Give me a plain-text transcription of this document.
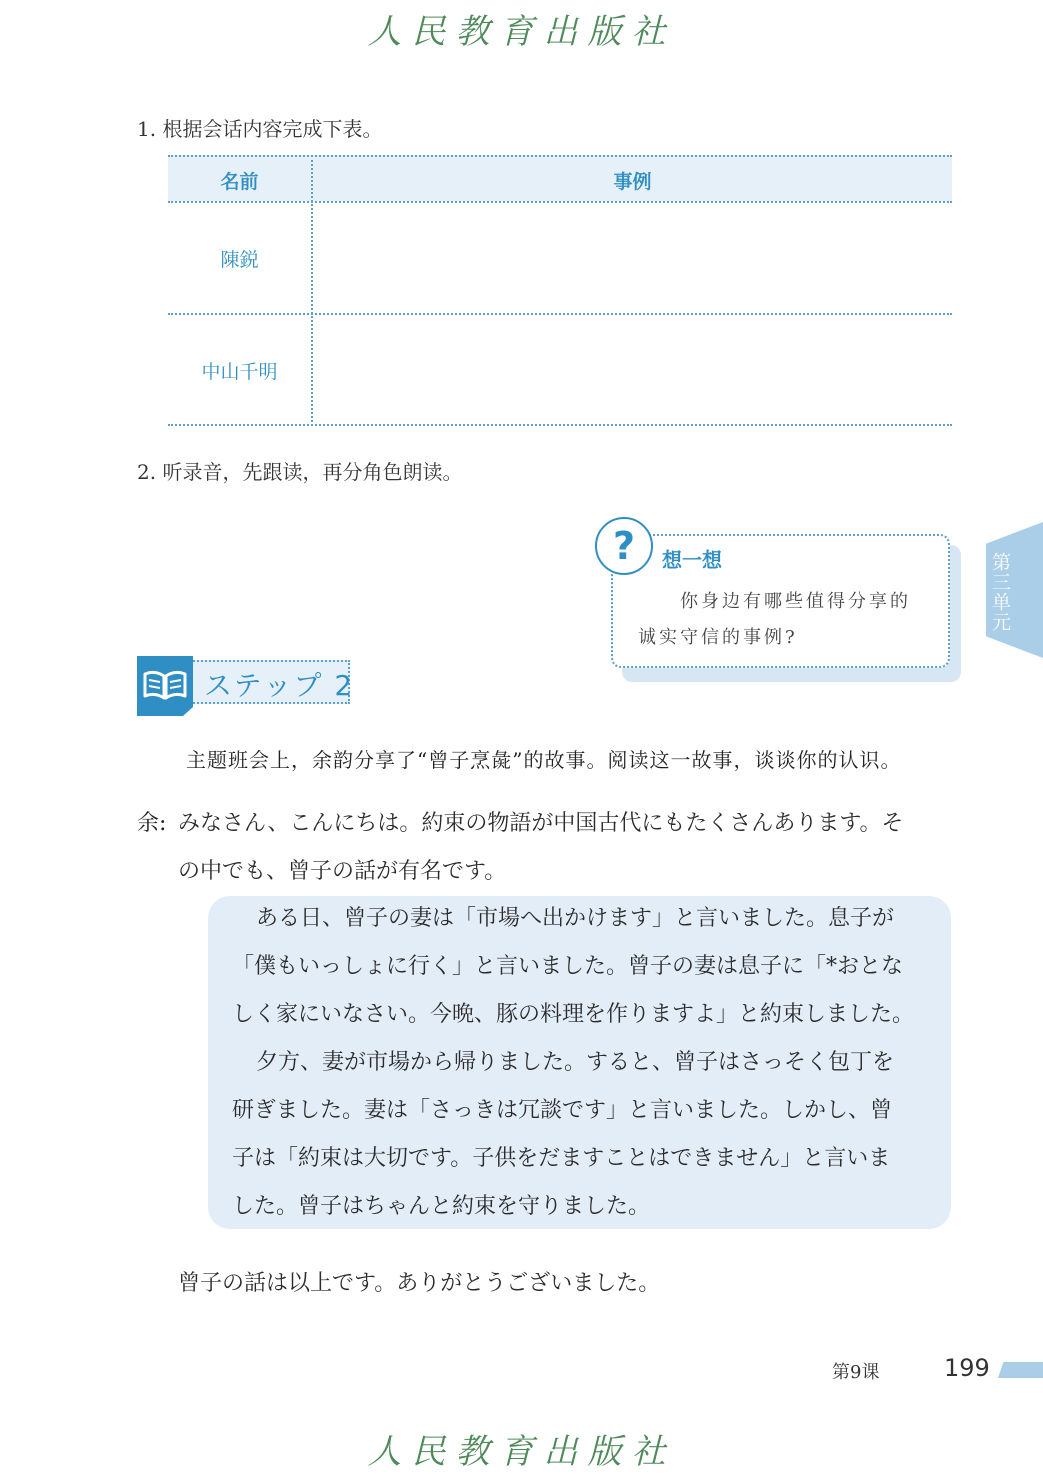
人民教育出版社
1. 根据会话内容完成下表。
名前	事例
陳鋭
中山千明
2. 听录音，先跟读，再分角色朗读。
?	想一想
你身边有哪些值得分享的
诚实守信的事例?
第三单元
ステップ 2
主题班会上，余韵分享了“曾子烹彘”的故事。阅读这一故事，谈谈你的认识。
余: みなさん、こんにちは。約束の物語が中国古代にもたくさんあります。そ
の中でも、曾子の話が有名です。
ある日、曾子の妻は「市場へ出かけます」と言いました。息子が
「僕もいっしょに行く」と言いました。曾子の妻は息子に「*おとな
しく家にいなさい。今晩、豚の料理を作りますよ」と約束しました。
夕方、妻が市場から帰りました。すると、曾子はさっそく包丁を
研ぎました。妻は「さっきは冗談です」と言いました。しかし、曾
子は「約束は大切です。子供をだますことはできません」と言いま
した。曾子はちゃんと約束を守りました。
曾子の話は以上です。ありがとうございました。
第9课	199
人民教育出版社
